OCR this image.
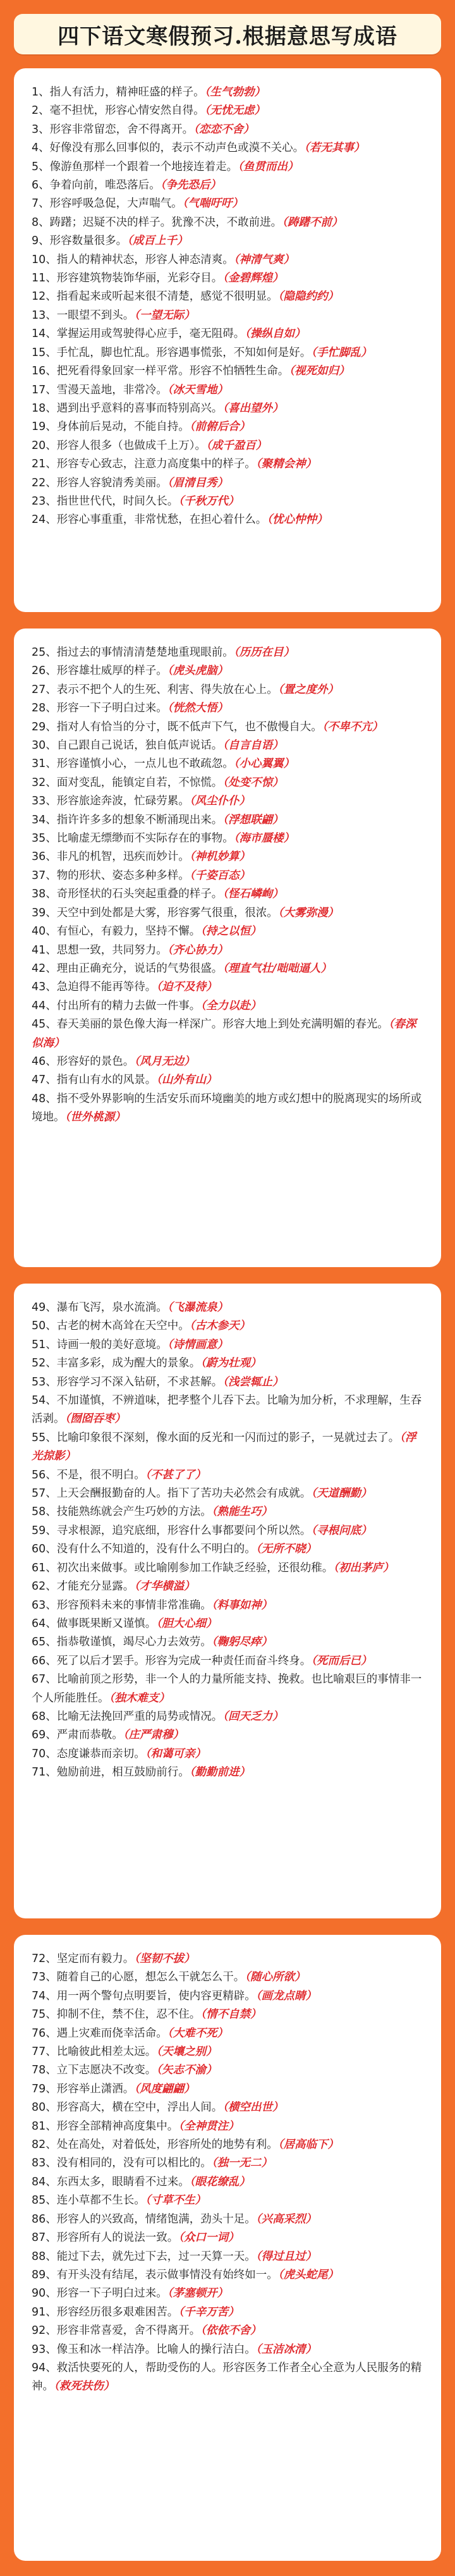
四下语文寒假预习.根据意思写成语
1、指人有活力，精神旺盛的样子。（生气勃勃）
2、毫不担忧，形容心情安然自得。（无忧无虑）
3、形容非常留恋，舍不得离开。（恋恋不舍）
4、好像没有那么回事似的，表示不动声色或漠不关心。（若无其事）
5、像游鱼那样一个跟着一个地接连着走。（鱼贯而出）
6、争着向前，唯恐落后。（争先恐后）
7、形容呼吸急促，大声喘气。（气喘吁吁）
8、踌躇；迟疑不决的样子。犹豫不决，不敢前进。（踌躇不前）
9、形容数量很多。（成百上千）
10、指人的精神状态，形容人神态清爽。（神清气爽）
11、形容建筑物装饰华丽，光彩夺目。（金碧辉煌）
12、指看起来或听起来很不清楚，感觉不很明显。（隐隐约约）
13、一眼望不到头。（一望无际）
14、掌握运用或驾驶得心应手，毫无阻碍。（操纵自如）
15、手忙乱，脚也忙乱。形容遇事慌张，不知如何是好。（手忙脚乱）
16、把死看得象回家一样平常。形容不怕牺牲生命。（视死如归）
17、雪漫天盖地，非常冷。（冰天雪地）
18、遇到出乎意料的喜事而特别高兴。（喜出望外）
19、身体前后晃动，不能自持。（前俯后合）
20、形容人很多（也做成千上万）。（成千盈百）
21、形容专心致志，注意力高度集中的样子。（聚精会神）
22、形容人容貌清秀美丽。（眉清目秀）
23、指世世代代，时间久长。（千秋万代）
24、形容心事重重，非常忧愁，在担心着什么。（忧心忡忡）
25、指过去的事情清清楚楚地重现眼前。（历历在目）
26、形容雄壮威厚的样子。（虎头虎脑）
27、表示不把个人的生死、利害、得失放在心上。（置之度外）
28、形容一下子明白过来。（恍然大悟）
29、指对人有恰当的分寸，既不低声下气，也不傲慢自大。（不卑不亢）
30、自己跟自己说话，独自低声说话。（自言自语）
31、形容谨慎小心，一点儿也不敢疏忽。（小心翼翼）
32、面对变乱，能镇定自若，不惊慌。（处变不惊）
33、形容旅途奔波，忙碌劳累。（风尘仆仆）
34、指许许多多的想象不断涌现出来。（浮想联翩）
35、比喻虚无缥缈而不实际存在的事物。（海市蜃楼）
36、非凡的机智，迅疾而妙计。（神机妙算）
37、物的形状、姿态多种多样。（千姿百态）
38、奇形怪状的石头突起重叠的样子。（怪石嶙峋）
39、天空中到处都是大雾，形容雾气很重，很浓。（大雾弥漫）
40、有恒心，有毅力，坚持不懈。（持之以恒）
41、思想一致，共同努力。（齐心协力）
42、理由正确充分，说话的气势很盛。（理直气壮/咄咄逼人）
43、急迫得不能再等待。（迫不及待）
44、付出所有的精力去做一件事。（全力以赴）
45、春天美丽的景色像大海一样深广。形容大地上到处充满明媚的春光。（春深似海）
46、形容好的景色。（风月无边）
47、指有山有水的风景。（山外有山）
48、指不受外界影响的生活安乐而环境幽美的地方或幻想中的脱离现实的场所或境地。（世外桃源）
49、瀑布飞泻，泉水流淌。（飞瀑流泉）
50、古老的树木高耸在天空中。（古木参天）
51、诗画一般的美好意境。（诗情画意）
52、丰富多彩，成为醒大的景象。（蔚为壮观）
53、形容学习不深入钻研，不求甚解。（浅尝辄止）
54、不加谨慎，不辨道味，把孝整个儿吞下去。比喻为加分析，不求理解，生吞活剥。（囫囵吞枣）
55、比喻印象很不深刻，像水面的反光和一闪而过的影子，一晃就过去了。（浮光掠影）
56、不是，很不明白。（不甚了了）
57、上天会酬报勤奋的人。指下了苦功夫必然会有成就。（天道酬勤）
58、技能熟练就会产生巧妙的方法。（熟能生巧）
59、寻求根源，追究底细，形容什么事都要问个所以然。（寻根问底）
60、没有什么不知道的，没有什么不明白的。（无所不晓）
61、初次出来做事。或比喻刚参加工作缺乏经验，还很幼稚。（初出茅庐）
62、才能充分显露。（才华横溢）
63、形容预料未来的事情非常准确。（料事如神）
64、做事既果断又谨慎。（胆大心细）
65、指恭敬谨慎，竭尽心力去效劳。（鞠躬尽瘁）
66、死了以后才罢手。形容为完成一种责任而奋斗终身。（死而后已）
67、比喻前顶之形势，非一个人的力量所能支持、挽救。也比喻艰巨的事情非一个人所能胜任。（独木难支）
68、比喻无法挽回严重的局势或情况。（回天乏力）
69、严肃而恭敬。（庄严肃穆）
70、态度谦恭而亲切。（和蔼可亲）
71、勉励前进，相互鼓励前行。（勤勤前进）
72、坚定而有毅力。（坚韧不拔）
73、随着自己的心愿，想怎么干就怎么干。（随心所欲）
74、用一两个警句点明要旨，使内容更精辟。（画龙点睛）
75、抑制不住，禁不住，忍不住。（情不自禁）
76、遇上灾难而侥幸活命。（大难不死）
77、比喻彼此相差太远。（天壤之别）
78、立下志愿决不改变。（矢志不渝）
79、形容举止潇洒。（风度翩翩）
80、形容高大，横在空中，浮出人间。（横空出世）
81、形容全部精神高度集中。（全神贯注）
82、处在高处，对着低处，形容所处的地势有利。（居高临下）
83、没有相同的，没有可以相比的。（独一无二）
84、东西太多，眼睛看不过来。（眼花缭乱）
85、连小草都不生长。（寸草不生）
86、形容人的兴致高，情绪饱满，劲头十足。（兴高采烈）
87、形容所有人的说法一致。（众口一词）
88、能过下去，就先过下去，过一天算一天。（得过且过）
89、有开头没有结尾，表示做事情没有始终如一。（虎头蛇尾）
90、形容一下子明白过来。（茅塞顿开）
91、形容经历很多艰难困苦。（千辛万苦）
92、形容非常喜爱，舍不得离开。（依依不舍）
93、像玉和冰一样洁净。比喻人的操行洁白。（玉洁冰清）
94、救活快要死的人，帮助受伤的人。形容医务工作者全心全意为人民服务的精神。（救死扶伤）
